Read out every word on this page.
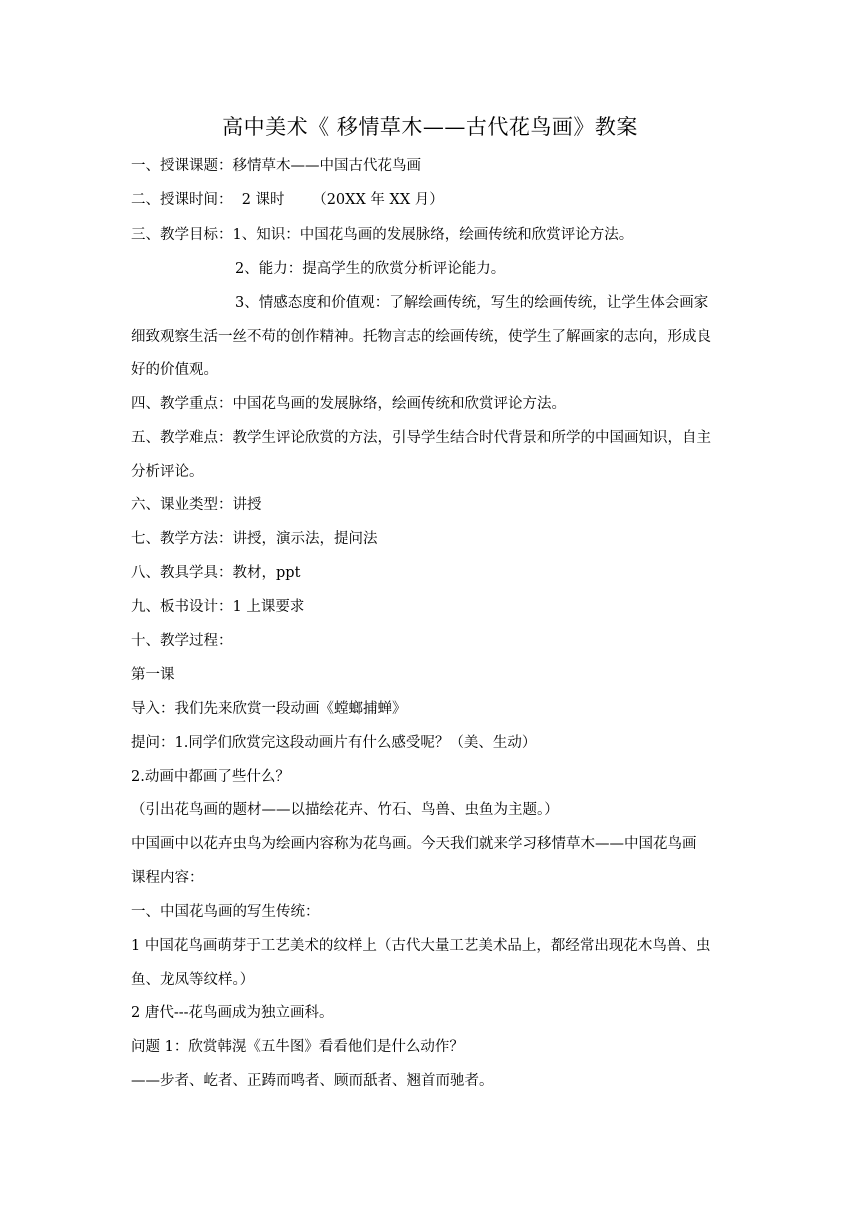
高中美术《 移情草木——古代花鸟画》教案
一、授课课题：移情草木——中国古代花鸟画
二、授课时间：  2 课时      （20XX 年 XX 月）
三、教学目标：1、知识：中国花鸟画的发展脉络，绘画传统和欣赏评论方法。
2、能力：提高学生的欣赏分析评论能力。
3、情感态度和价值观：了解绘画传统，写生的绘画传统，让学生体会画家
细致观察生活一丝不苟的创作精神。托物言志的绘画传统，使学生了解画家的志向，形成良
好的价值观。
四、教学重点：中国花鸟画的发展脉络，绘画传统和欣赏评论方法。
五、教学难点：教学生评论欣赏的方法，引导学生结合时代背景和所学的中国画知识，自主
分析评论。
六、课业类型：讲授
七、教学方法：讲授，演示法，提问法
八、教具学具：教材，ppt
九、板书设计：1 上课要求
十、教学过程：
第一课
导入：我们先来欣赏一段动画《螳螂捕蝉》
提问：1.同学们欣赏完这段动画片有什么感受呢？（美、生动）
2.动画中都画了些什么？
（引出花鸟画的题材——以描绘花卉、竹石、鸟兽、虫鱼为主题。）
中国画中以花卉虫鸟为绘画内容称为花鸟画。今天我们就来学习移情草木——中国花鸟画
课程内容：
一、中国花鸟画的写生传统：
1 中国花鸟画萌芽于工艺美术的纹样上（古代大量工艺美术品上，都经常出现花木鸟兽、虫
鱼、龙凤等纹样。）
2 唐代---花鸟画成为独立画科。
问题 1：欣赏韩滉《五牛图》看看他们是什么动作？
——步者、屹者、正踌而鸣者、顾而舐者、翘首而驰者。
